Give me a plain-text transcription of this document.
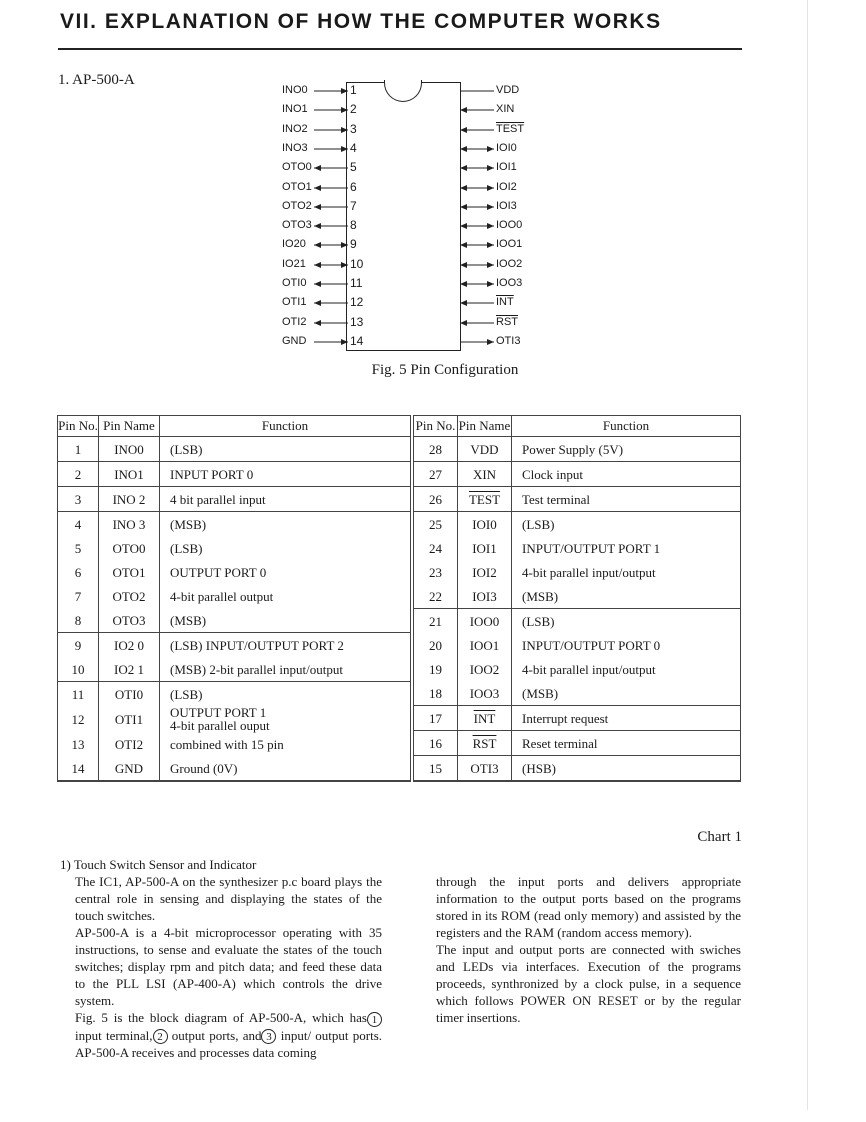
VII. EXPLANATION OF HOW THE COMPUTER WORKS
1. AP-500-A
INO0	1
INO1	2
INO2	3
INO3	4
OTO0	5
OTO1	6
OTO2	7
OTO3	8
IO20	9
IO21	10
OTI0	11
OTI1	12
OTI2	13
GND	14
VDD
XIN
TEST
IOI0
IOI1
IOI2
IOI3
IOO0
IOO1
IOO2
IOO3
$\overline{INT}$
$\overline{RST}$
OTI3
Fig. 5 Pin Configuration
Pin No.	Pin Name	Function
1	INO0	(LSB)
2	INO1	INPUT PORT 0
3	INO 2	4 bit parallel input
4	INO 3	(MSB)
5	OTO0	(LSB)
6	OTO1	OUTPUT PORT 0
7	OTO2	4-bit parallel output
8	OTO3	(MSB)
9	IO2 0	(LSB) INPUT/OUTPUT PORT 2
10	IO2 1	(MSB) 2-bit parallel input/output
11	OTI0	(LSB)
12	OTI1	OUTPUT PORT 1
4-bit parallel ouput

13	OTI2	combined with 15 pin
14	GND	Ground (0V)
Pin No.	Pin Name	Function
28	VDD	Power Supply (5V)
27	XIN	Clock input
26	TEST	Test terminal
25	IOI0	(LSB)
24	IOI1	INPUT/OUTPUT PORT 1
23	IOI2	4-bit parallel input/output
22	IOI3	(MSB)
21	IOO0	(LSB)
20	IOO1	INPUT/OUTPUT PORT 0
19	IOO2	4-bit parallel input/output
18	IOO3	(MSB)
17	$\overline{INT}$	Interrupt request
16	$\overline{RST}$	Reset terminal
15	OTI3	(HSB)
Chart 1

1) Touch Switch Sensor and Indicator

The IC1, AP-500-A on the synthesizer p.c board plays the central role in sensing and displaying the states of the touch switches.

AP-500-A is a 4-bit microprocessor operating with 35 instructions, to sense and evaluate the states of the touch switches; display rpm and pitch data; and feed these data to the PLL LSI (AP-400-A) which controls the drive system.

Fig. 5 is the block diagram of AP-500-A, which has 1 input terminal, 2 output ports, and 3 input/ output ports. AP-500-A receives and processes data coming

through the input ports and delivers appropriate information to the output ports based on the programs stored in its ROM (read only memory) and assisted by the registers and the RAM (random access memory).

The input and output ports are connected with swiches and LEDs via interfaces. Execution of the programs proceeds, synthronized by a clock pulse, in a sequence which follows POWER ON RESET or by the regular timer insertions.
